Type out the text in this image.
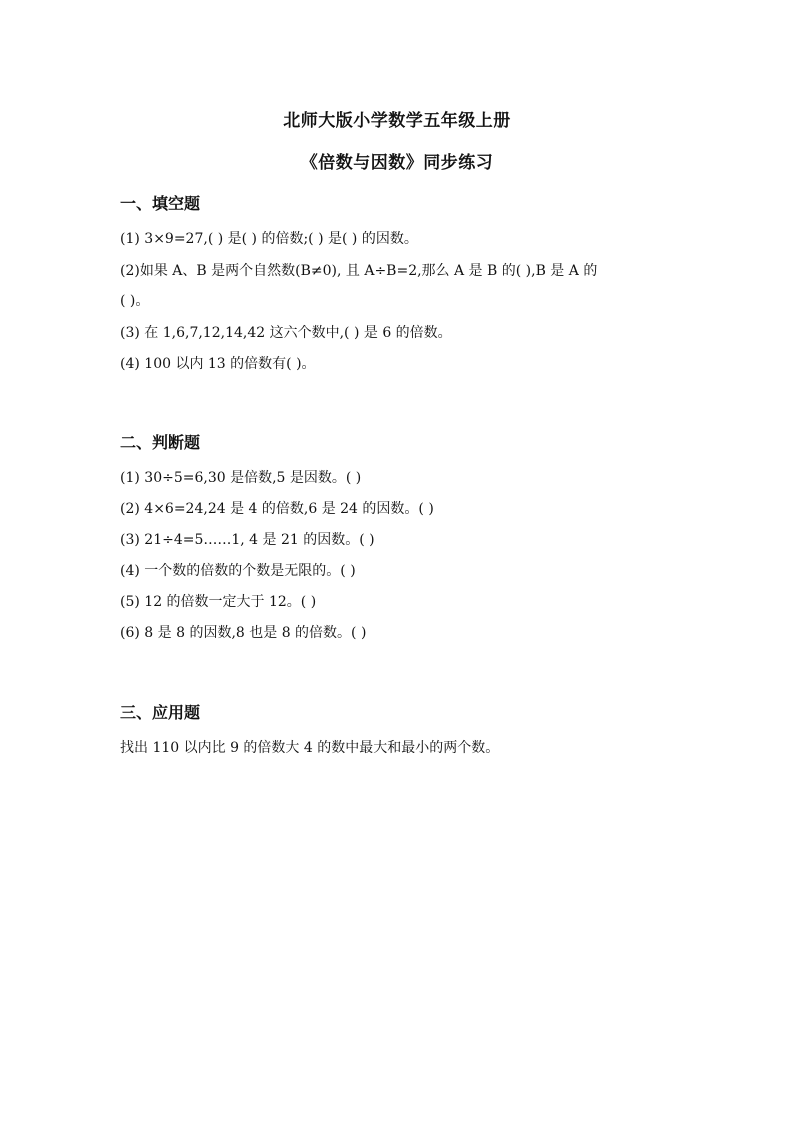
北师大版小学数学五年级上册
《倍数与因数》同步练习
一、填空题
(1) 3×9=27,( ) 是( ) 的倍数;( ) 是( ) 的因数。
(2)如果 A、B 是两个自然数(B≠0), 且 A÷B=2,那么 A 是 B 的( ),B 是 A 的
( )。
(3) 在 1,6,7,12,14,42 这六个数中,( ) 是 6 的倍数。
(4) 100 以内 13 的倍数有( )。
二、判断题
(1) 30÷5=6,30 是倍数,5 是因数。( )
(2) 4×6=24,24 是 4 的倍数,6 是 24 的因数。( )
(3) 21÷4=5……1, 4 是 21 的因数。( )
(4) 一个数的倍数的个数是无限的。( )
(5) 12 的倍数一定大于 12。( )
(6) 8 是 8 的因数,8 也是 8 的倍数。( )
三、应用题
找出 110 以内比 9 的倍数大 4 的数中最大和最小的两个数。
